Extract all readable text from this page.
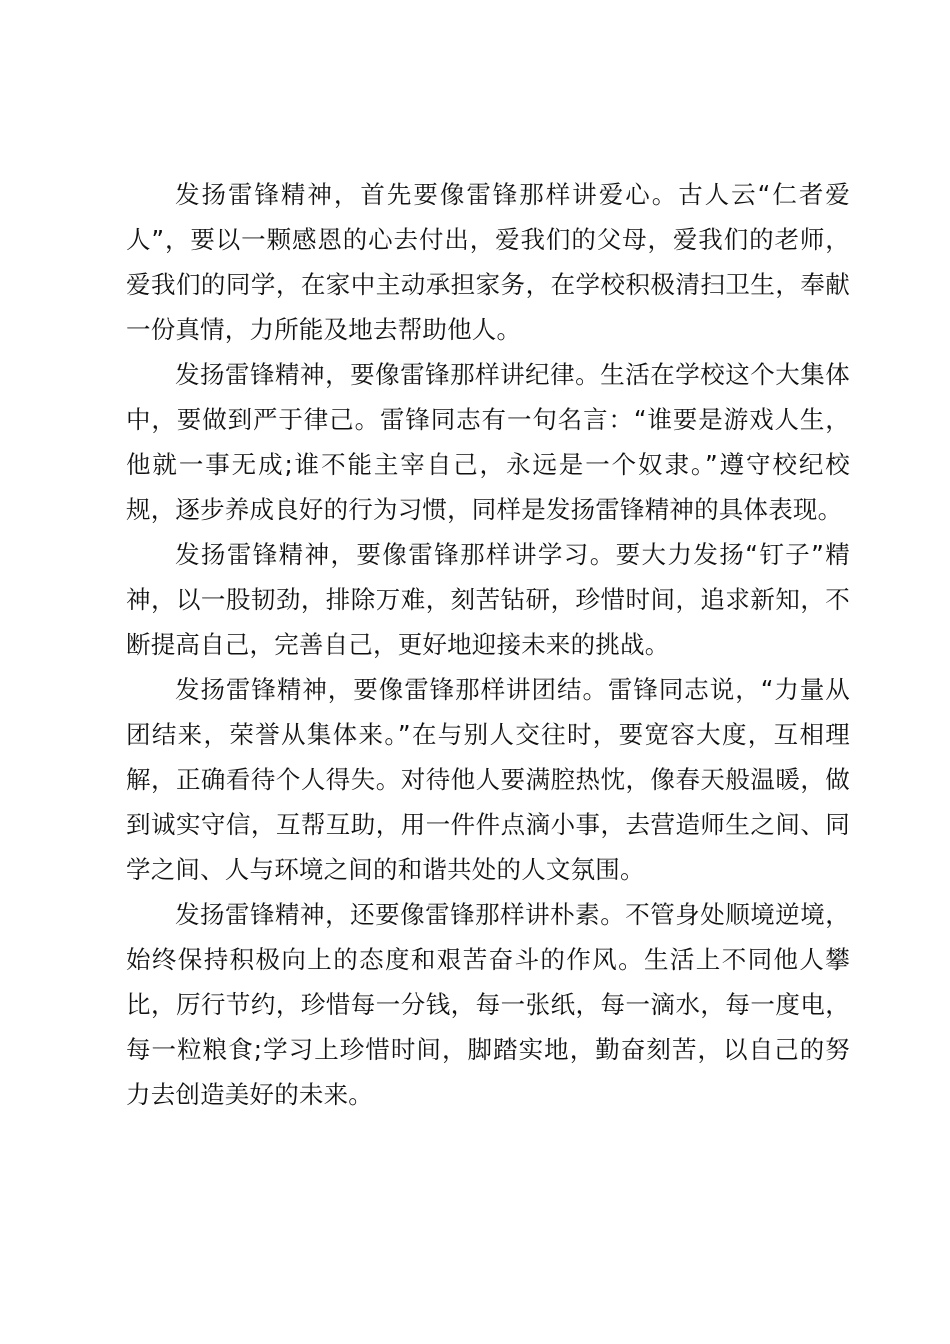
发扬雷锋精神，首先要像雷锋那样讲爱心。古人云“仁者爱人”，要以一颗感恩的心去付出，爱我们的父母，爱我们的老师，爱我们的同学，在家中主动承担家务，在学校积极清扫卫生，奉献一份真情，力所能及地去帮助他人。

发扬雷锋精神，要像雷锋那样讲纪律。生活在学校这个大集体中，要做到严于律己。雷锋同志有一句名言：“谁要是游戏人生，他就一事无成;谁不能主宰自己，永远是一个奴隶。”遵守校纪校规，逐步养成良好的行为习惯，同样是发扬雷锋精神的具体表现。

发扬雷锋精神，要像雷锋那样讲学习。要大力发扬“钉子”精神，以一股韧劲，排除万难，刻苦钻研，珍惜时间，追求新知，不断提高自己，完善自己，更好地迎接未来的挑战。

发扬雷锋精神，要像雷锋那样讲团结。雷锋同志说，“力量从团结来，荣誉从集体来。”在与别人交往时，要宽容大度，互相理解，正确看待个人得失。对待他人要满腔热忱，像春天般温暖，做到诚实守信，互帮互助，用一件件点滴小事，去营造师生之间、同学之间、人与环境之间的和谐共处的人文氛围。

发扬雷锋精神，还要像雷锋那样讲朴素。不管身处顺境逆境，始终保持积极向上的态度和艰苦奋斗的作风。生活上不同他人攀比，厉行节约，珍惜每一分钱，每一张纸，每一滴水，每一度电，每一粒粮食;学习上珍惜时间，脚踏实地，勤奋刻苦，以自己的努力去创造美好的未来。
